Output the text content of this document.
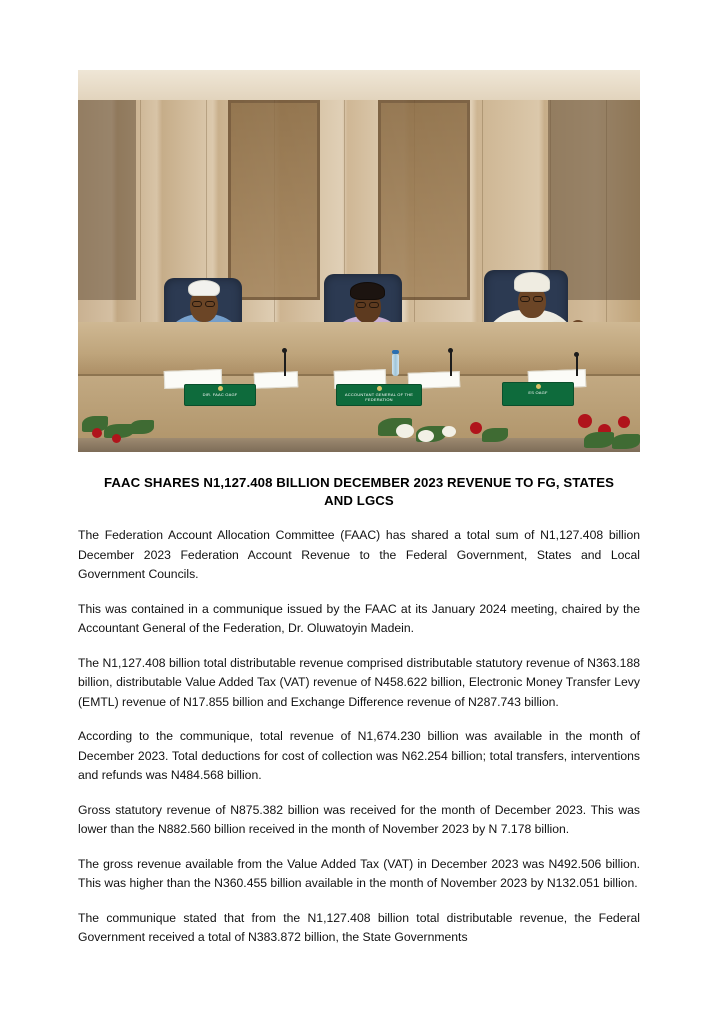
DIR. FAAC OAGF	ACCOUNTANT GENERAL OF THE FEDERATION
ES OAGF
FAAC SHARES N1,127.408 BILLION DECEMBER 2023 REVENUE TO FG, STATES AND LGCS

The Federation Account Allocation Committee (FAAC) has shared a total sum of N1,127.408 billion December 2023 Federation Account Revenue to the Federal Government, States and Local Government Councils.

This was contained in a communique issued by the FAAC at its January 2024 meeting, chaired by the Accountant General of the Federation, Dr. Oluwatoyin Madein.

The N1,127.408 billion total distributable revenue comprised distributable statutory revenue of N363.188 billion, distributable Value Added Tax (VAT) revenue of N458.622 billion, Electronic Money Transfer Levy (EMTL) revenue of N17.855 billion and Exchange Difference revenue of N287.743 billion.

According to the communique, total revenue of N1,674.230 billion was available in the month of December 2023. Total deductions for cost of collection was N62.254 billion; total transfers, interventions and refunds was N484.568 billion.

Gross statutory revenue of N875.382 billion was received for the month of December 2023. This was lower than the N882.560 billion received in the month of November 2023 by N 7.178 billion.

The gross revenue available from the Value Added Tax (VAT) in December 2023 was N492.506 billion. This was higher than the N360.455 billion available in the month of November 2023 by N132.051 billion.

The communique stated that from the N1,127.408 billion total distributable revenue, the Federal Government received a total of N383.872 billion, the State Governments
